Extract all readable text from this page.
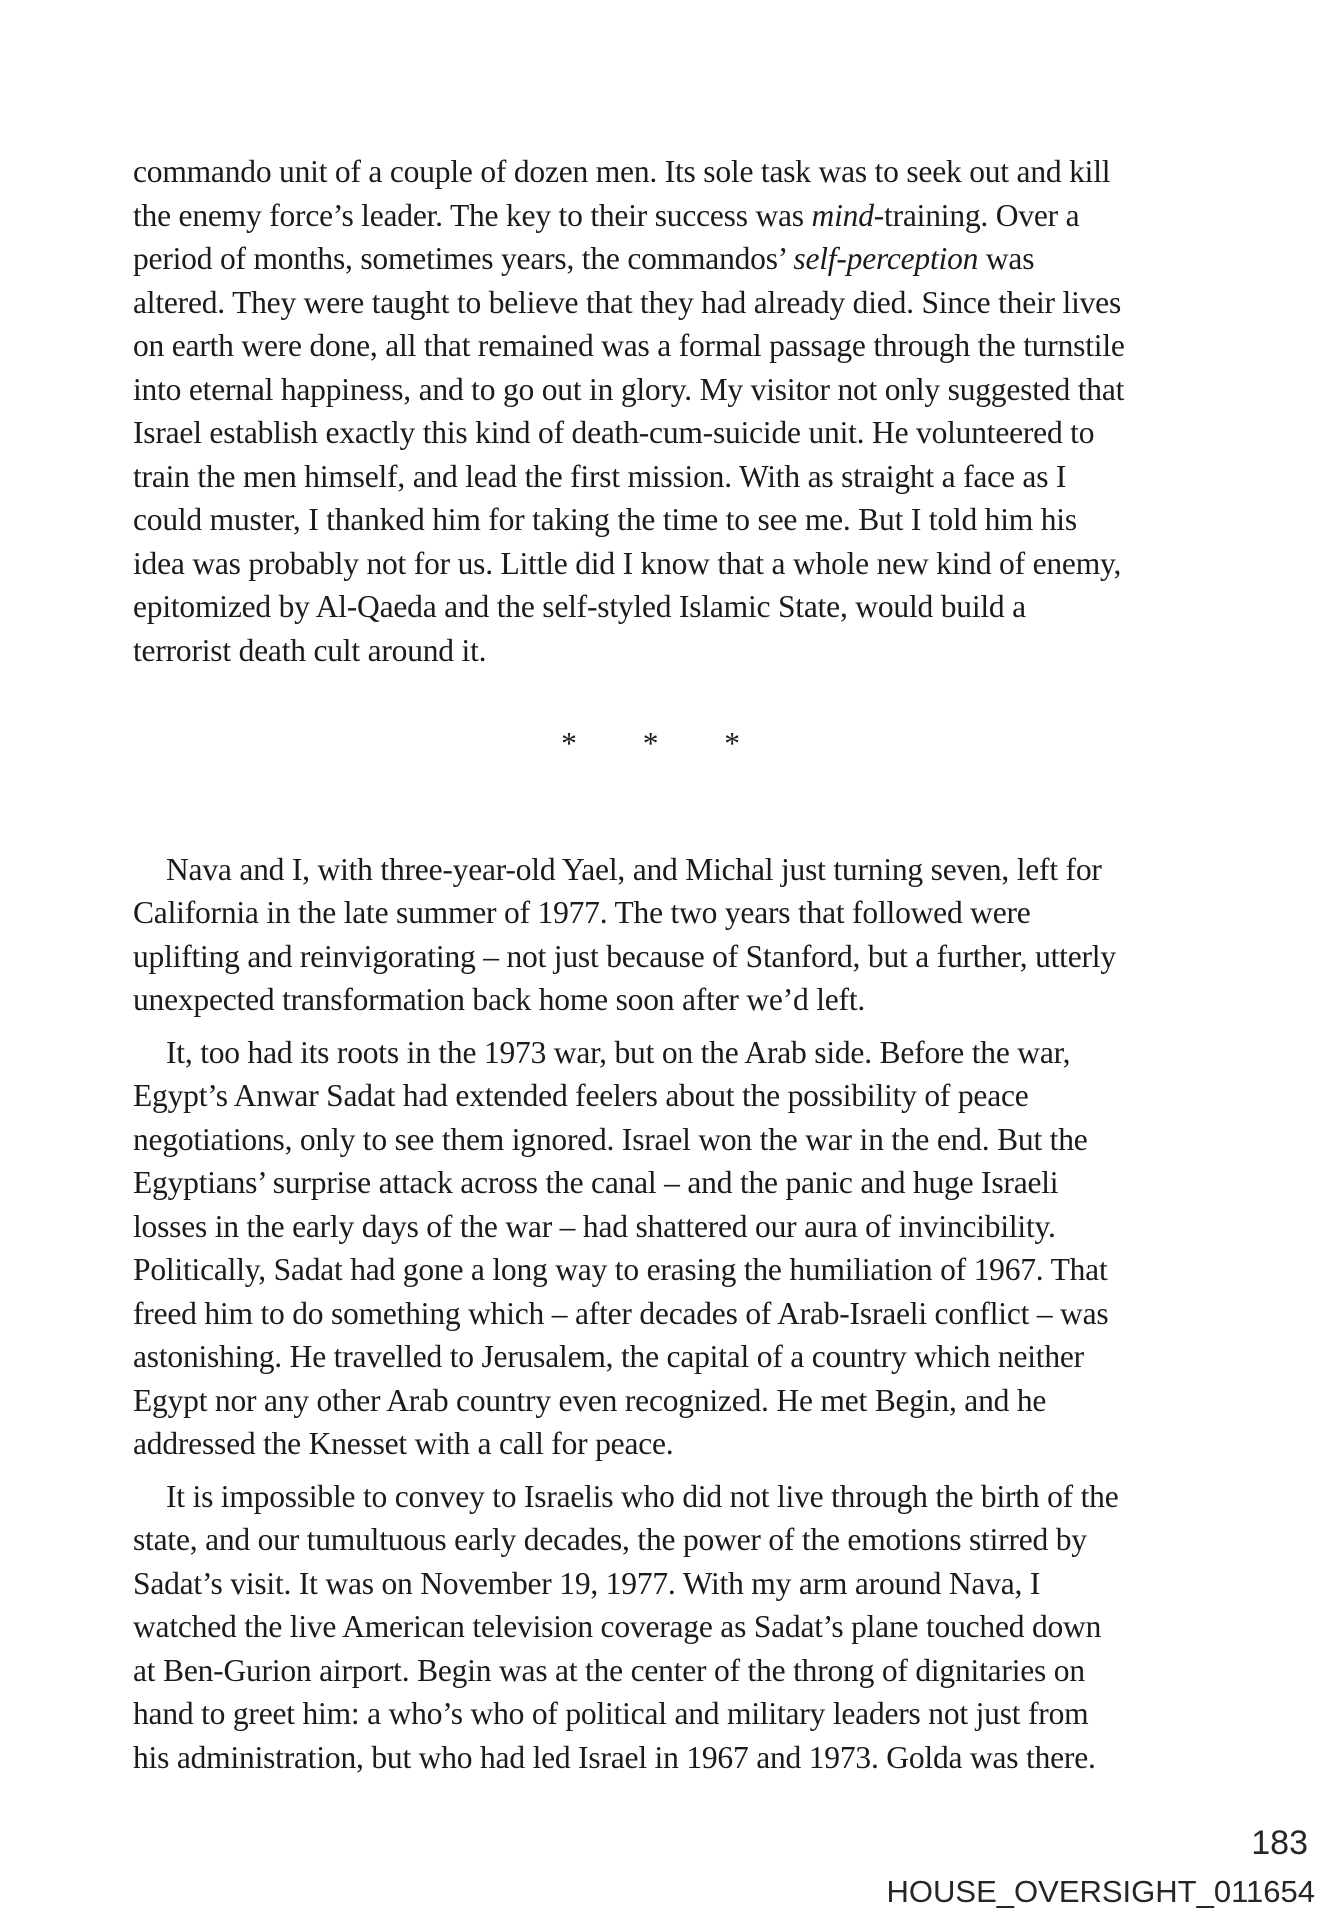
commando unit of a couple of dozen men. Its sole task was to seek out and kill
the enemy force’s leader. The key to their success was mind-training. Over a
period of months, sometimes years, the commandos’ self-perception was
altered. They were taught to believe that they had already died. Since their lives
on earth were done, all that remained was a formal passage through the turnstile
into eternal happiness, and to go out in glory. My visitor not only suggested that
Israel establish exactly this kind of death-cum-suicide unit. He volunteered to
train the men himself, and lead the first mission. With as straight a face as I
could muster, I thanked him for taking the time to see me. But I told him his
idea was probably not for us. Little did I know that a whole new kind of enemy,
epitomized by Al-Qaeda and the self-styled Islamic State, would build a
terrorist death cult around it.

* * *

Nava and I, with three-year-old Yael, and Michal just turning seven, left for
California in the late summer of 1977. The two years that followed were
uplifting and reinvigorating – not just because of Stanford, but a further, utterly
unexpected transformation back home soon after we’d left.

It, too had its roots in the 1973 war, but on the Arab side. Before the war,
Egypt’s Anwar Sadat had extended feelers about the possibility of peace
negotiations, only to see them ignored. Israel won the war in the end. But the
Egyptians’ surprise attack across the canal – and the panic and huge Israeli
losses in the early days of the war – had shattered our aura of invincibility.
Politically, Sadat had gone a long way to erasing the humiliation of 1967. That
freed him to do something which – after decades of Arab-Israeli conflict – was
astonishing. He travelled to Jerusalem, the capital of a country which neither
Egypt nor any other Arab country even recognized. He met Begin, and he
addressed the Knesset with a call for peace.

It is impossible to convey to Israelis who did not live through the birth of the
state, and our tumultuous early decades, the power of the emotions stirred by
Sadat’s visit. It was on November 19, 1977. With my arm around Nava, I
watched the live American television coverage as Sadat’s plane touched down
at Ben-Gurion airport. Begin was at the center of the throng of dignitaries on
hand to greet him: a who’s who of political and military leaders not just from
his administration, but who had led Israel in 1967 and 1973. Golda was there.

183
HOUSE_OVERSIGHT_011654
